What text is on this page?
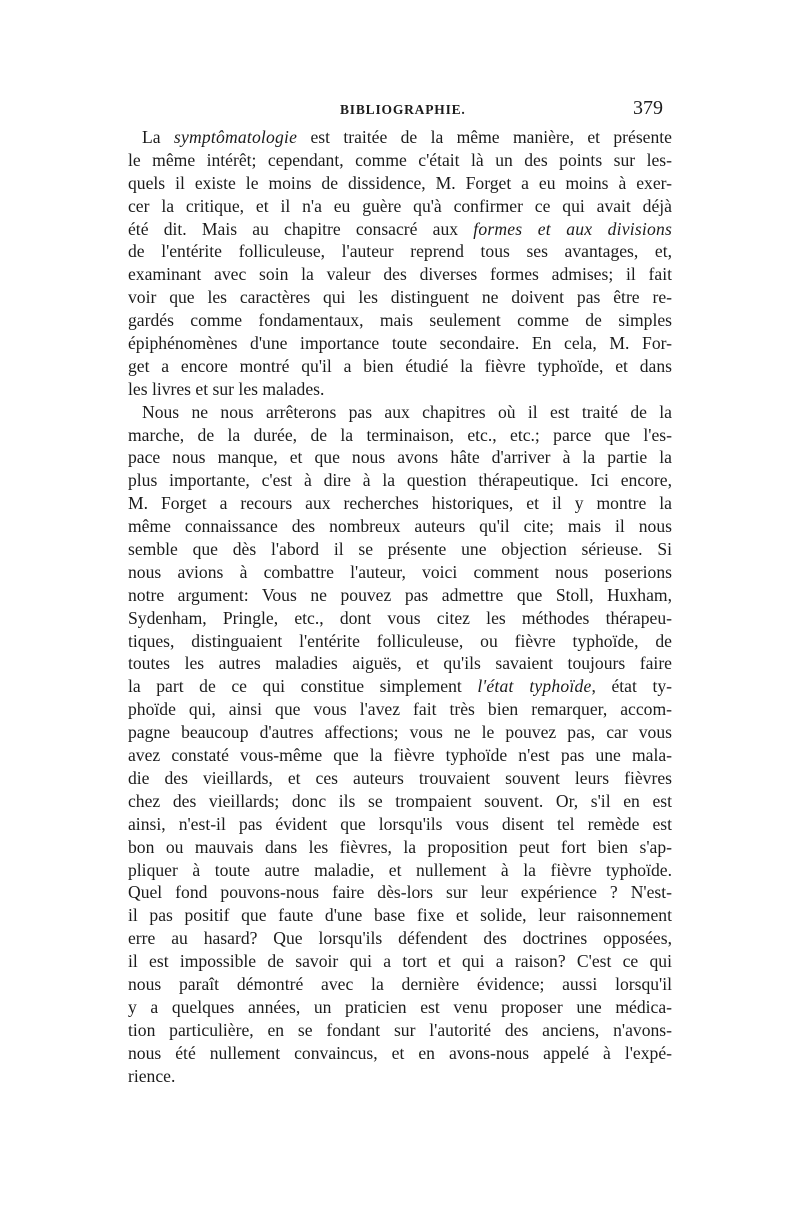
BIBLIOGRAPHIE.	379
La symptômatologie est traitée de la même manière, et présente
le même intérêt; cependant, comme c'était là un des points sur les-
quels il existe le moins de dissidence, M. Forget a eu moins à exer-
cer la critique, et il n'a eu guère qu'à confirmer ce qui avait déjà
été dit. Mais au chapitre consacré aux formes et aux divisions
de l'entérite folliculeuse, l'auteur reprend tous ses avantages, et,
examinant avec soin la valeur des diverses formes admises; il fait
voir que les caractères qui les distinguent ne doivent pas être re-
gardés comme fondamentaux, mais seulement comme de simples
épiphénomènes d'une importance toute secondaire. En cela, M. For-
get a encore montré qu'il a bien étudié la fièvre typhoïde, et dans
les livres et sur les malades.
Nous ne nous arrêterons pas aux chapitres où il est traité de la
marche, de la durée, de la terminaison, etc., etc.; parce que l'es-
pace nous manque, et que nous avons hâte d'arriver à la partie la
plus importante, c'est à dire à la question thérapeutique. Ici encore,
M. Forget a recours aux recherches historiques, et il y montre la
même connaissance des nombreux auteurs qu'il cite; mais il nous
semble que dès l'abord il se présente une objection sérieuse. Si
nous avions à combattre l'auteur, voici comment nous poserions
notre argument: Vous ne pouvez pas admettre que Stoll, Huxham,
Sydenham, Pringle, etc., dont vous citez les méthodes thérapeu-
tiques, distinguaient l'entérite folliculeuse, ou fièvre typhoïde, de
toutes les autres maladies aiguës, et qu'ils savaient toujours faire
la part de ce qui constitue simplement l'état typhoïde, état ty-
phoïde qui, ainsi que vous l'avez fait très bien remarquer, accom-
pagne beaucoup d'autres affections; vous ne le pouvez pas, car vous
avez constaté vous-même que la fièvre typhoïde n'est pas une mala-
die des vieillards, et ces auteurs trouvaient souvent leurs fièvres
chez des vieillards; donc ils se trompaient souvent. Or, s'il en est
ainsi, n'est-il pas évident que lorsqu'ils vous disent tel remède est
bon ou mauvais dans les fièvres, la proposition peut fort bien s'ap-
pliquer à toute autre maladie, et nullement à la fièvre typhoïde.
Quel fond pouvons-nous faire dès-lors sur leur expérience ? N'est-
il pas positif que faute d'une base fixe et solide, leur raisonnement
erre au hasard? Que lorsqu'ils défendent des doctrines opposées,
il est impossible de savoir qui a tort et qui a raison? C'est ce qui
nous paraît démontré avec la dernière évidence; aussi lorsqu'il
y a quelques années, un praticien est venu proposer une médica-
tion particulière, en se fondant sur l'autorité des anciens, n'avons-
nous été nullement convaincus, et en avons-nous appelé à l'expé-
rience.
